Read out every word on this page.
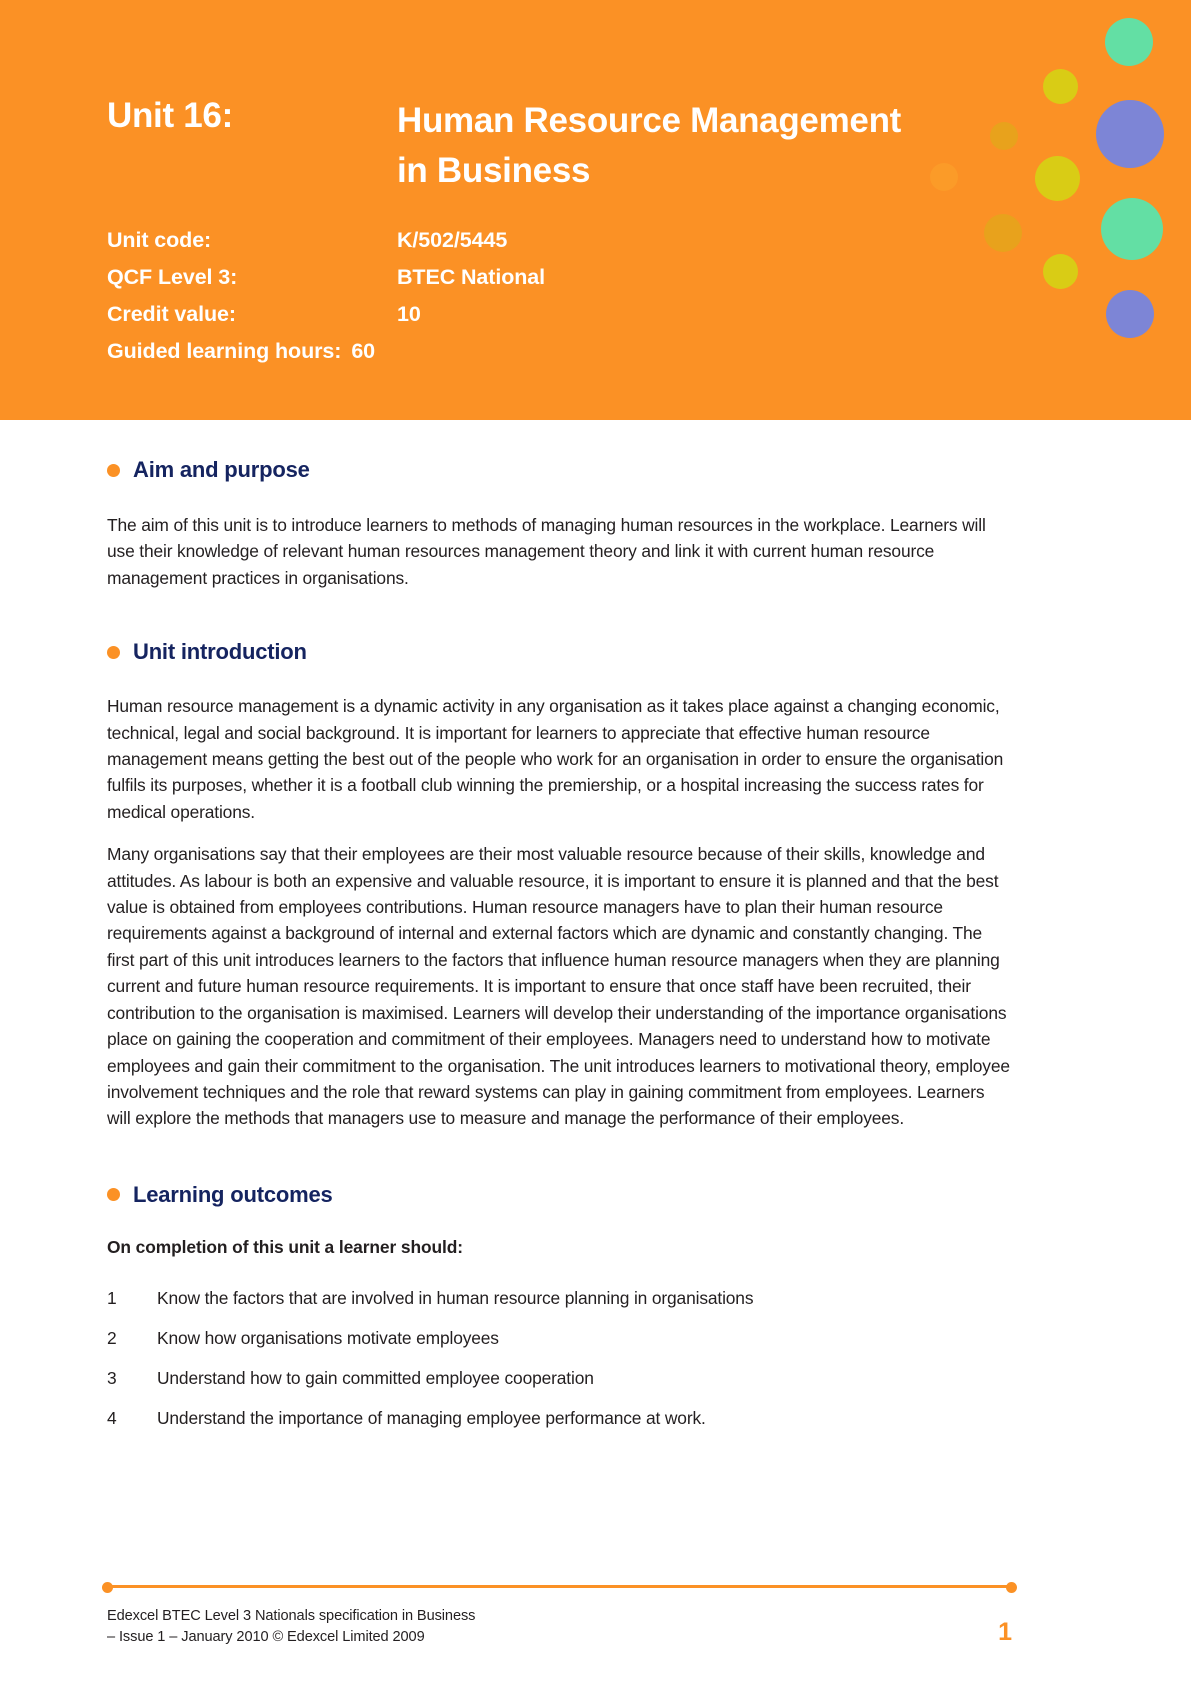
Unit 16:	Human Resource Management in Business
Unit code:	K/502/5445
QCF Level 3:	BTEC National
Credit value:	10
Guided learning hours: 60
Aim and purpose

The aim of this unit is to introduce learners to methods of managing human resources in the workplace. Learners will use their knowledge of relevant human resources management theory and link it with current human resource management practices in organisations.

Unit introduction

Human resource management is a dynamic activity in any organisation as it takes place against a changing economic, technical, legal and social background. It is important for learners to appreciate that effective human resource management means getting the best out of the people who work for an organisation in order to ensure the organisation fulfils its purposes, whether it is a football club winning the premiership, or a hospital increasing the success rates for medical operations.

Many organisations say that their employees are their most valuable resource because of their skills, knowledge and attitudes. As labour is both an expensive and valuable resource, it is important to ensure it is planned and that the best value is obtained from employees contributions. Human resource managers have to plan their human resource requirements against a background of internal and external factors which are dynamic and constantly changing. The first part of this unit introduces learners to the factors that influence human resource managers when they are planning current and future human resource requirements. It is important to ensure that once staff have been recruited, their contribution to the organisation is maximised. Learners will develop their understanding of the importance organisations place on gaining the cooperation and commitment of their employees. Managers need to understand how to motivate employees and gain their commitment to the organisation. The unit introduces learners to motivational theory, employee involvement techniques and the role that reward systems can play in gaining commitment from employees. Learners will explore the methods that managers use to measure and manage the performance of their employees.

Learning outcomes
On completion of this unit a learner should:
1	Know the factors that are involved in human resource planning in organisations
2	Know how organisations motivate employees
3	Understand how to gain committed employee cooperation
4	Understand the importance of managing employee performance at work.
Edexcel BTEC Level 3 Nationals specification in Business
– Issue 1 – January 2010 © Edexcel Limited 2009	1
